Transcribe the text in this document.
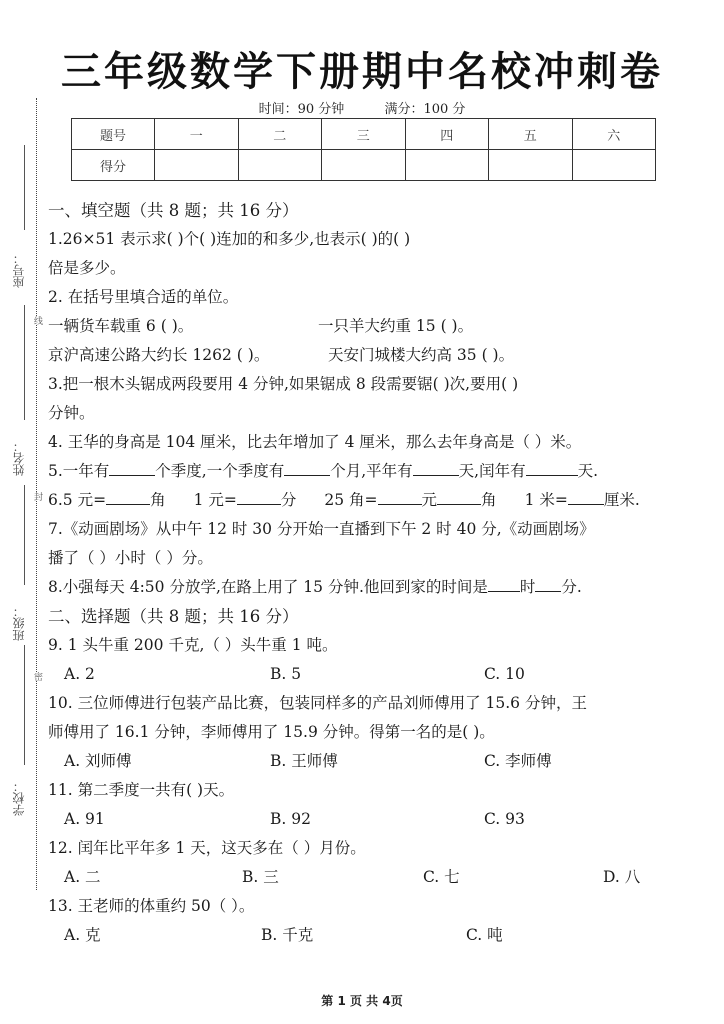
三年级数学下册期中名校冲刺卷
时间：90 分钟	满分：100 分
题号	一	二	三	四	五	六
得分						
座号：
姓名：
班级：
学校：
线
封
密
一、填空题（共 8 题；共 16 分）
1.26×51 表示求( )个( )连加的和多少,也表示( )的( )
倍是多少。
2. 在括号里填合适的单位。
一辆货车载重 6 ( )。	一只羊大约重 15 ( )。
京沪高速公路大约长 1262 ( )。	天安门城楼大约高 35 ( )。
3.把一根木头锯成两段要用 4 分钟,如果锯成 8 段需要锯( )次,要用( )
分钟。
4. 王华的身高是 104 厘米，比去年增加了 4 厘米，那么去年身高是（ ）米。
5.一年有	个季度,一个季度有	个月,平年有	天,闰年有	天.
6.5 元=	角 1 元=	分 25 角=	元	角 1 米= 厘米.
7.《动画剧场》从中午 12 时 30 分开始一直播到下午 2 时 40 分,《动画剧场》
播了（ ）小时（ ）分。
8.小强每天 4:50 分放学,在路上用了 15 分钟.他回到家的时间是 时 分.
二、选择题（共 8 题；共 16 分）
9. 1 头牛重 200 千克,（ ）头牛重 1 吨。
A. 2	B. 5	C. 10
10. 三位师傅进行包装产品比赛，包装同样多的产品刘师傅用了 15.6 分钟，王
师傅用了 16.1 分钟，李师傅用了 15.9 分钟。得第一名的是( )。
A. 刘师傅	B. 王师傅	C. 李师傅
11. 第二季度一共有( )天。
A. 91	B. 92	C. 93
12. 闰年比平年多 1 天，这天多在（ ）月份。
A. 二	B. 三	C. 七	D. 八
13. 王老师的体重约 50（ ）。
A. 克	B. 千克	C. 吨
第 1 页 共 4页
